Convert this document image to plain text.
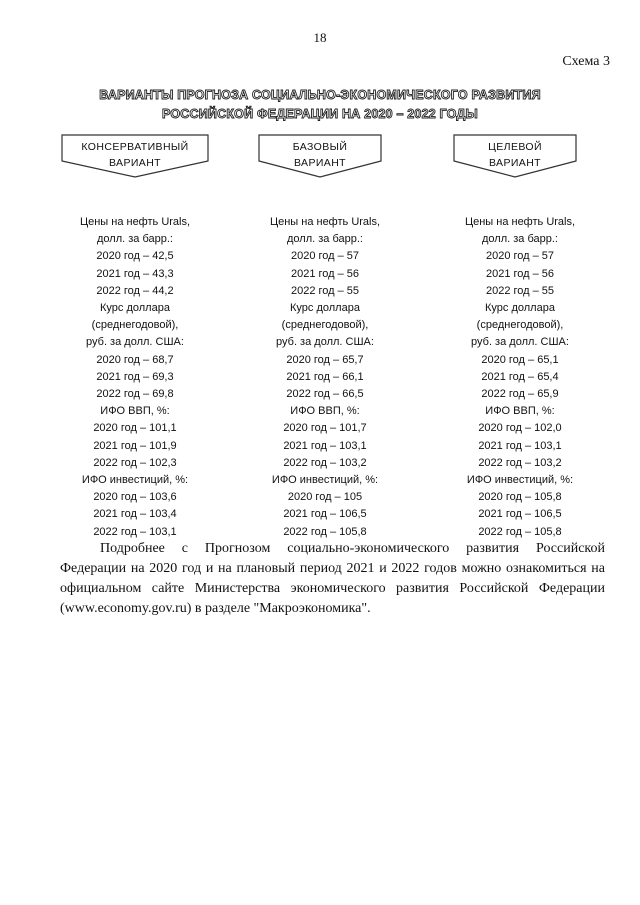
18
Схема 3
ВАРИАНТЫ ПРОГНОЗА СОЦИАЛЬНО-ЭКОНОМИЧЕСКОГО РАЗВИТИЯ
РОССИЙСКОЙ ФЕДЕРАЦИИ НА 2020 – 2022 ГОДЫ
КОНСЕРВАТИВНЫЙ
ВАРИАНТ
БАЗОВЫЙ
ВАРИАНТ
ЦЕЛЕВОЙ
ВАРИАНТ
Цены на нефть Urals,
долл. за барр.:
2020 год – 42,5
2021 год – 43,3
2022 год – 44,2
Курс доллара
(среднегодовой),
руб. за долл. США:
2020 год – 68,7
2021 год – 69,3
2022 год – 69,8
ИФО ВВП, %:
2020 год – 101,1
2021 год – 101,9
2022 год – 102,3
ИФО инвестиций, %:
2020 год – 103,6
2021 год – 103,4
2022 год – 103,1
Цены на нефть Urals,
долл. за барр.:
2020 год – 57
2021 год – 56
2022 год – 55
Курс доллара
(среднегодовой),
руб. за долл. США:
2020 год – 65,7
2021 год – 66,1
2022 год – 66,5
ИФО ВВП, %:
2020 год – 101,7
2021 год – 103,1
2022 год – 103,2
ИФО инвестиций, %:
2020 год – 105
2021 год – 106,5
2022 год – 105,8
Цены на нефть Urals,
долл. за барр.:
2020 год – 57
2021 год – 56
2022 год – 55
Курс доллара
(среднегодовой),
руб. за долл. США:
2020 год – 65,1
2021 год – 65,4
2022 год – 65,9
ИФО ВВП, %:
2020 год – 102,0
2021 год – 103,1
2022 год – 103,2
ИФО инвестиций, %:
2020 год – 105,8
2021 год – 106,5
2022 год – 105,8
Подробнее с Прогнозом социально-экономического развития Российской Федерации на 2020 год и на плановый период 2021 и 2022 годов можно ознакомиться на официальном сайте Министерства экономического развития Российской Федерации (www.economy.gov.ru) в разделе "Макроэкономика".
